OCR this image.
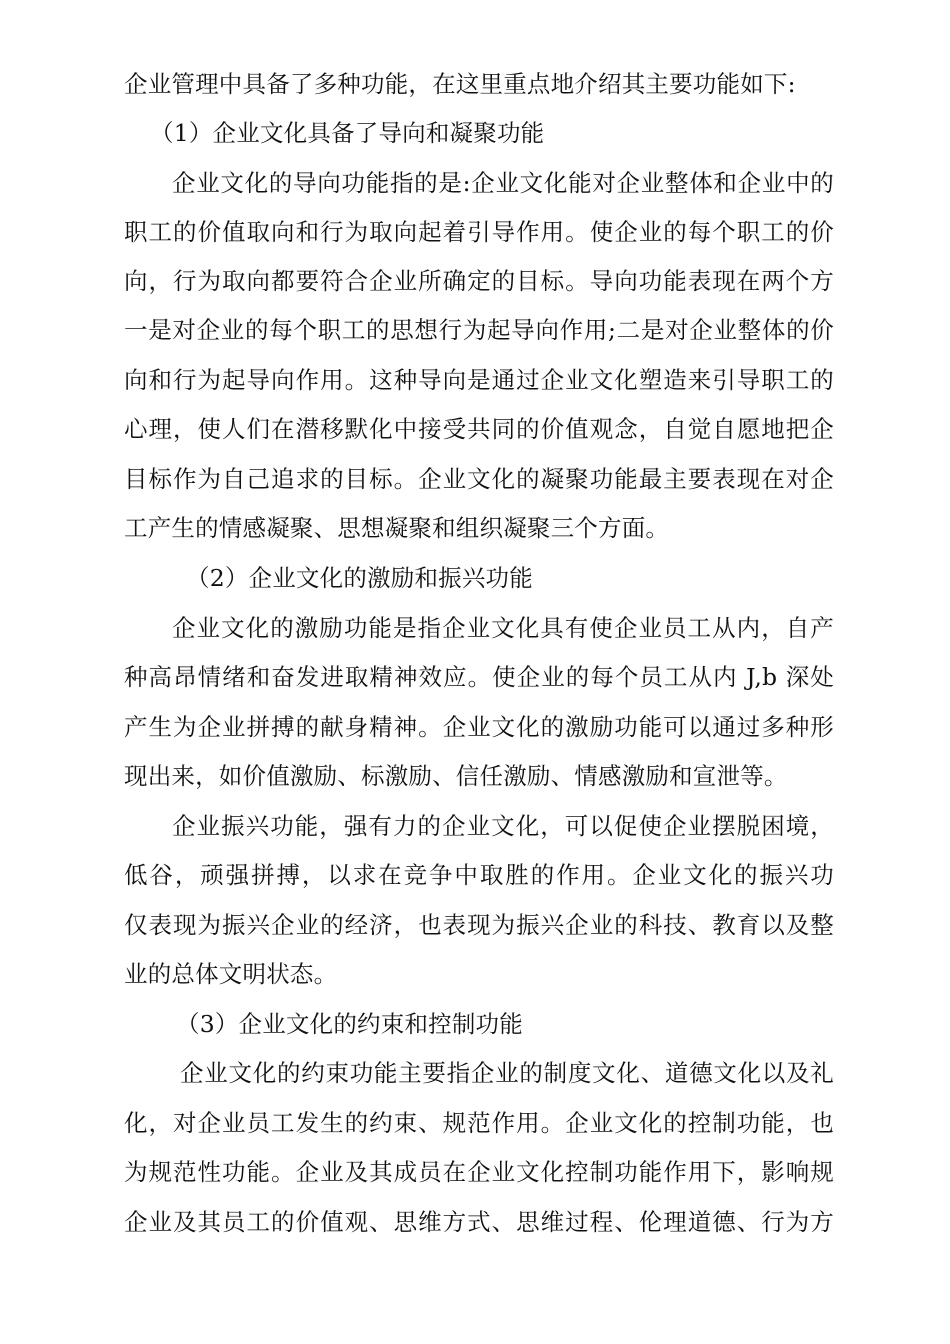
企业管理中具备了多种功能，在这里重点地介绍其主要功能如下:
（1）企业文化具备了导向和凝聚功能
企业文化的导向功能指的是:企业文化能对企业整体和企业中的
职工的价值取向和行为取向起着引导作用。使企业的每个职工的价
向，行为取向都要符合企业所确定的目标。导向功能表现在两个方
一是对企业的每个职工的思想行为起导向作用;二是对企业整体的价
向和行为起导向作用。这种导向是通过企业文化塑造来引导职工的
心理，使人们在潜移默化中接受共同的价值观念，自觉自愿地把企
目标作为自己追求的目标。企业文化的凝聚功能最主要表现在对企
工产生的情感凝聚、思想凝聚和组织凝聚三个方面。
（2）企业文化的激励和振兴功能
企业文化的激励功能是指企业文化具有使企业员工从内，自产
种高昂情绪和奋发进取精神效应。使企业的每个员工从内 J,b 深处
产生为企业拼搏的献身精神。企业文化的激励功能可以通过多种形
现出来，如价值激励、标激励、信任激励、情感激励和宣泄等。
企业振兴功能，强有力的企业文化，可以促使企业摆脱困境，
低谷，顽强拼搏，以求在竞争中取胜的作用。企业文化的振兴功
仅表现为振兴企业的经济，也表现为振兴企业的科技、教育以及整
业的总体文明状态。
（3）企业文化的约束和控制功能
企业文化的约束功能主要指企业的制度文化、道德文化以及礼
化，对企业员工发生的约束、规范作用。企业文化的控制功能，也
为规范性功能。企业及其成员在企业文化控制功能作用下，影响规
企业及其员工的价值观、思维方式、思维过程、伦理道德、行为方
